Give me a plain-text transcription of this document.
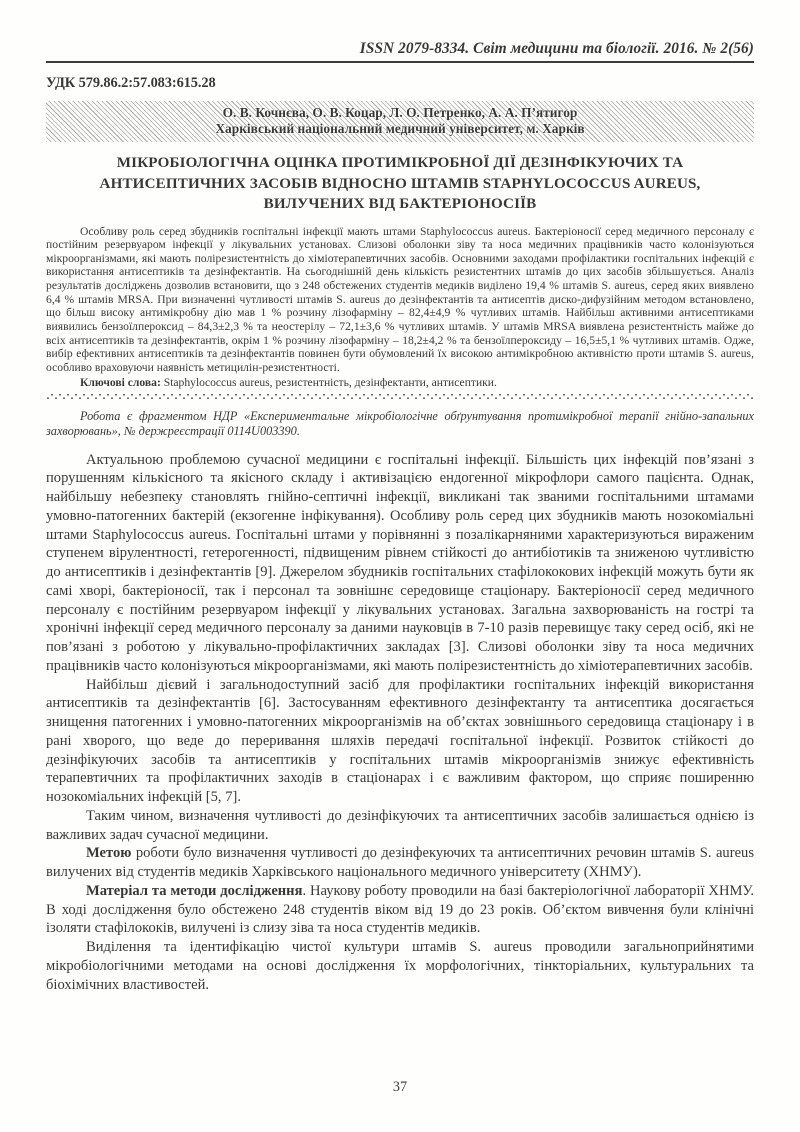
ISSN 2079-8334. Світ медицини та біології. 2016. № 2(56)
УДК 579.86.2:57.083:615.28
О. В. Кочнєва, О. В. Коцар, Л. О. Петренко, А. А. П’ятигор
Харківський національний медичний університет, м. Харків
МІКРОБІОЛОГІЧНА ОЦІНКА ПРОТИМІКРОБНОЇ ДІЇ ДЕЗІНФІКУЮЧИХ ТА
АНТИСЕПТИЧНИХ ЗАСОБІВ ВІДНОСНО ШТАМІВ STAPHYLOCOCCUS AUREUS,
ВИЛУЧЕНИХ ВІД БАКТЕРІОНОСІЇВ

Особливу роль серед збудників госпітальні інфекції мають штами Staphylococcus aureus. Бактеріоносії серед медичного персоналу є постійним резервуаром інфекції у лікувальних установах. Слизові оболонки зіву та носа медичних працівників часто колонізуються мікроорганізмами, які мають полірезистентність до хіміотерапевтичних засобів. Основними заходами профілактики госпітальних інфекцій є використання антисептиків та дезінфектантів. На сьогоднішній день кількість резистентних штамів до цих засобів збільшується. Аналіз результатів досліджень дозволив встановити, що з 248 обстежених студентів медиків виділено 19,4 % штамів S. aureus, серед яких виявлено 6,4 % штамів MRSA. При визначенні чутливості штамів S. aureus до дезінфектантів та антисептів диско-дифузійним методом встановлено, що більш високу антимікробну дію мав 1 % розчину лізофарміну – 82,4±4,9 % чутливих штамів. Найбільш активними антисептиками виявились бензоїлпероксид – 84,3±2,3 % та неостерілу – 72,1±3,6 % чутливих штамів. У штамів MRSA виявлена резистентність майже до всіх антисептиків та дезінфектантів, окрім 1 % розчину лізофарміну – 18,2±4,2 % та бензоїлпероксиду – 16,5±5,1 % чутливих штамів. Одже, вибір ефективних антисептиків та дезінфектантів повинен бути обумовлений їх високою антимікробною активністю проти штамів S. aureus, особливо враховуючи наявність метицилін-резистентності.

Ключові слова: Staphylococcus aureus, резистентність, дезінфектанти, антисептики.

Робота є фрагментом НДР «Експериментальне мікробіологічне обґрунтування протимікробної терапії гнійно-запальних захворювань», № держреєстрації 0114U003390.

Актуальною проблемою сучасної медицини є госпітальні інфекції. Більшість цих інфекцій пов’язані з порушенням кількісного та якісного складу і активізацією ендогенної мікрофлори самого пацієнта. Однак, найбільшу небезпеку становлять гнійно-септичні інфекції, викликані так званими госпітальними штамами умовно-патогенних бактерій (екзогенне інфікування). Особливу роль серед цих збудників мають нозокоміальні штами Staphylococcus aureus. Госпітальні штами у порівнянні з позалікарняними характеризуються вираженим ступенем вірулентності, гетерогенності, підвищеним рівнем стійкості до антибіотиків та зниженою чутливістю до антисептиків і дезінфектантів [9]. Джерелом збудників госпітальних стафілококових інфекцій можуть бути як самі хворі, бактеріоносії, так і персонал та зовнішнє середовище стаціонару. Бактеріоносії серед медичного персоналу є постійним резервуаром інфекції у лікувальних установах. Загальна захворюваність на гострі та хронічні інфекції серед медичного персоналу за даними науковців в 7-10 разів перевищує таку серед осіб, які не пов’язані з роботою у лікувально-профілактичних закладах [3]. Слизові оболонки зіву та носа медичних працівників часто колонізуються мікроорганізмами, які мають полірезистентність до хіміотерапевтичних засобів.

Найбільш дієвий і загальнодоступний засіб для профілактики госпітальних інфекцій використання антисептиків та дезінфектантів [6]. Застосуванням ефективного дезінфектанту та антисептика досягається знищення патогенних і умовно-патогенних мікроорганізмів на об’єктах зовнішнього середовища стаціонару і в рані хворого, що веде до переривання шляхів передачі госпітальної інфекції. Розвиток стійкості до дезінфікуючих засобів та антисептиків у госпітальних штамів мікроорганізмів знижує ефективність терапевтичних та профілактичних заходів в стаціонарах і є важливим фактором, що сприяє поширенню нозокоміальних інфекцій [5, 7].

Таким чином, визначення чутливості до дезінфікуючих та антисептичних засобів залишається однією із важливих задач сучасної медицини.

Метою роботи було визначення чутливості до дезінфекуючих та антисептичних речовин штамів S. aureus вилучених від студентів медиків Харківського національного медичного університету (ХНМУ).

Матеріал та методи дослідження. Наукову роботу проводили на базі бактеріологічної лабораторії ХНМУ. В ході дослідження було обстежено 248 студентів віком від 19 до 23 років. Об’єктом вивчення були клінічні ізоляти стафілококів, вилучені із слизу зіва та носа студентів медиків.

Виділення та ідентифікацію чистої культури штамів S. aureus проводили загальноприйнятими мікробіологічними методами на основі дослідження їх морфологічних, тінкторіальних, культуральних та біохімічних властивостей.

37
